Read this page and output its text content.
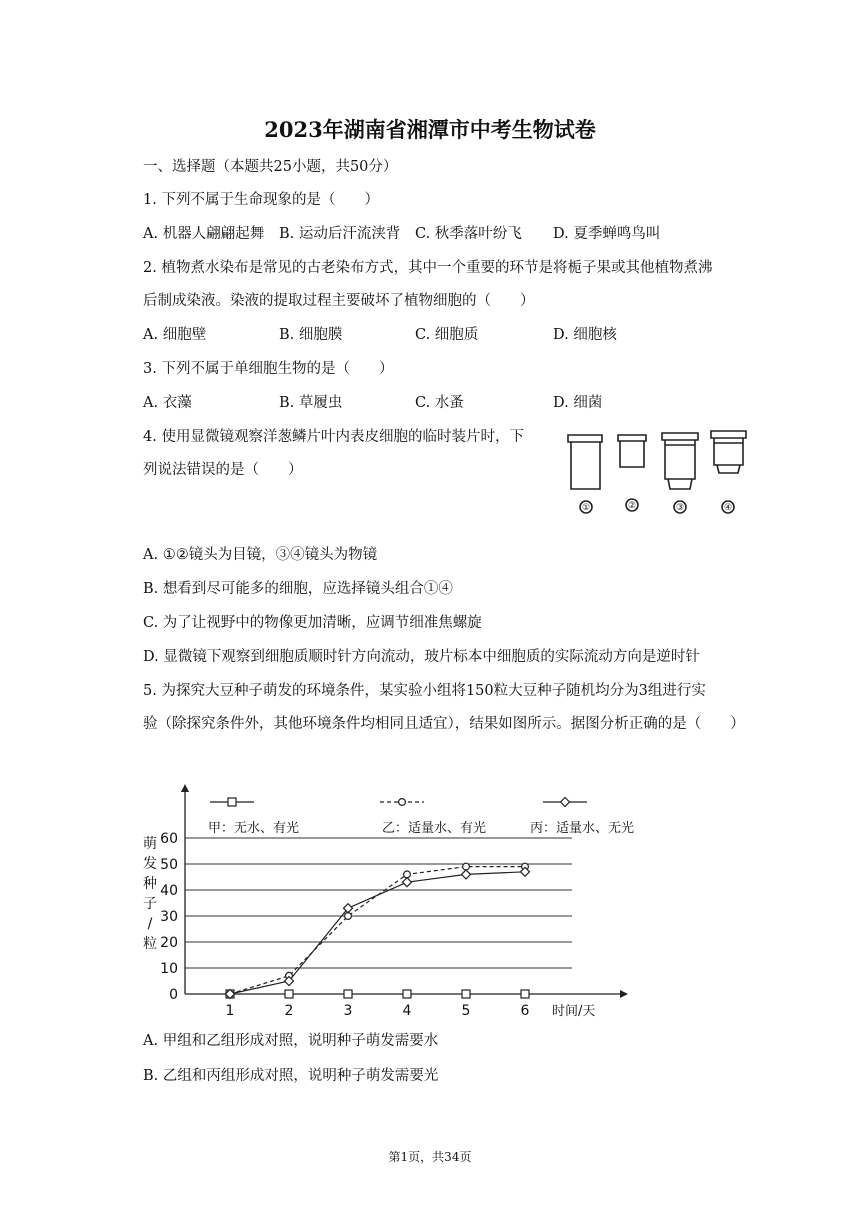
2023年湖南省湘潭市中考生物试卷
一、选择题（本题共25小题，共50分）
1. 下列不属于生命现象的是（　　）
A. 机器人翩翩起舞 B. 运动后汗流浃背 C. 秋季落叶纷飞 D. 夏季蝉鸣鸟叫
2. 植物煮水染布是常见的古老染布方式，其中一个重要的环节是将栀子果或其他植物煮沸
后制成染液。染液的提取过程主要破坏了植物细胞的（　　）
A. 细胞壁	B. 细胞膜	C. 细胞质	D. 细胞核
3. 下列不属于单细胞生物的是（　　）
A. 衣藻	B. 草履虫	C. 水蚤	D. 细菌
4. 使用显微镜观察洋葱鳞片叶内表皮细胞的临时装片时，下
列说法错误的是（　　）
①	②	③	④
A. ①②镜头为目镜，③④镜头为物镜
B. 想看到尽可能多的细胞，应选择镜头组合①④
C. 为了让视野中的物像更加清晰，应调节细准焦螺旋
D. 显微镜下观察到细胞质顺时针方向流动，玻片标本中细胞质的实际流动方向是逆时针
5. 为探究大豆种子萌发的环境条件，某实验小组将150粒大豆种子随机均分为3组进行实
验（除探究条件外，其他环境条件均相同且适宜），结果如图所示。据图分析正确的是（　　）
0
10
20
30
40
50
60
1	2	3	4	5	6 时间/天
萌
发
种
子
/
粒
甲：无水、有光	乙：适量水、有光	丙：适量水、无光
A. 甲组和乙组形成对照，说明种子萌发需要水
B. 乙组和丙组形成对照，说明种子萌发需要光
第1页，共34页
